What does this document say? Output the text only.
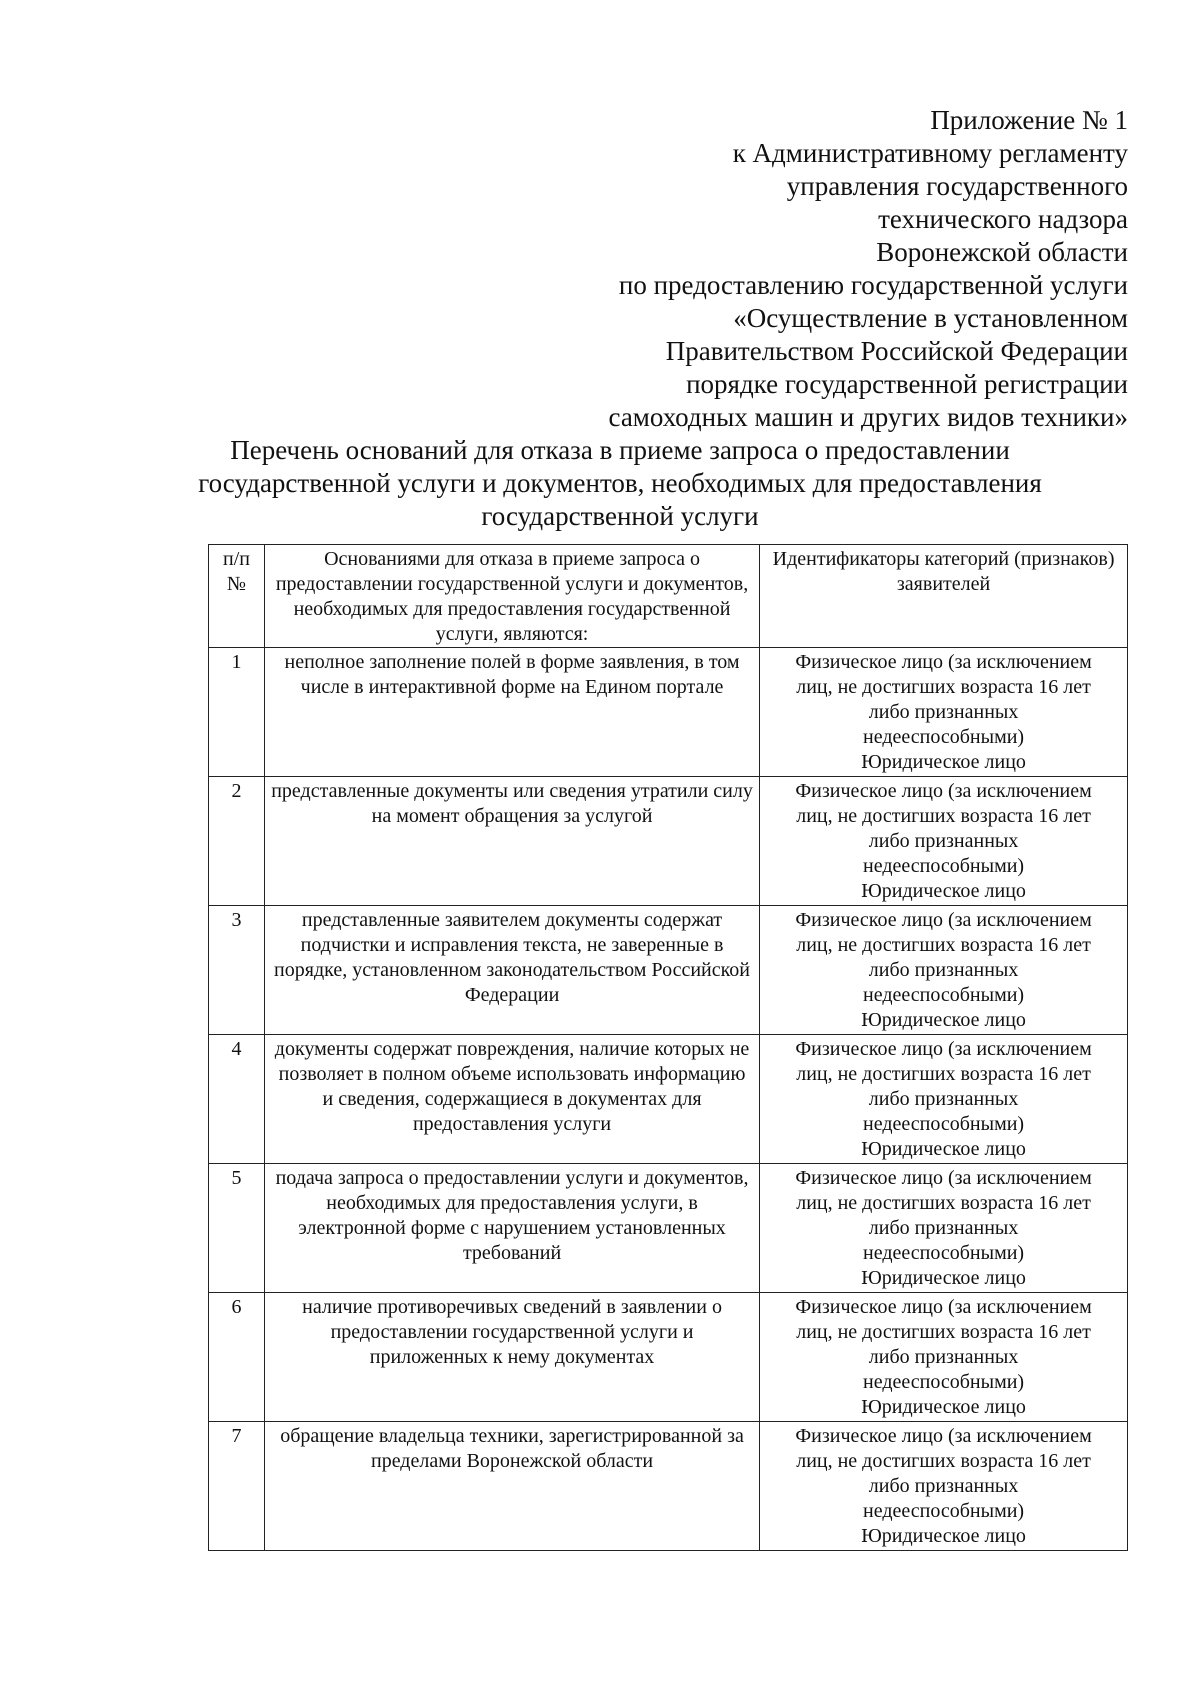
Приложение № 1
к Административному регламенту
управления государственного
технического надзора
Воронежской области
по предоставлению государственной услуги
«Осуществление в установленном
Правительством Российской Федерации
порядке государственной регистрации
самоходных машин и других видов техники»
Перечень оснований для отказа в приеме запроса о предоставлении
государственной услуги и документов, необходимых для предоставления
государственной услуги
п/п
№	Основаниями для отказа в приеме запроса о предоставлении государственной услуги и документов, необходимых для предоставления государственной услуги, являются:	Идентификаторы категорий (признаков) заявителей
1	неполное заполнение полей в форме заявления, в том числе в интерактивной форме на Едином портале	Физическое лицо (за исключением
лиц, не достигших возраста 16 лет
либо признанных
недееспособными)
Юридическое лицо

2	представленные документы или сведения утратили силу на момент обращения за услугой	Физическое лицо (за исключением
лиц, не достигших возраста 16 лет
либо признанных
недееспособными)
Юридическое лицо

3	представленные заявителем документы содержат подчистки и исправления текста, не заверенные в порядке, установленном законодательством Российской Федерации	Физическое лицо (за исключением
лиц, не достигших возраста 16 лет
либо признанных
недееспособными)
Юридическое лицо

4	документы содержат повреждения, наличие которых не позволяет в полном объеме использовать информацию и сведения, содержащиеся в документах для предоставления услуги	Физическое лицо (за исключением
лиц, не достигших возраста 16 лет
либо признанных
недееспособными)
Юридическое лицо

5	подача запроса о предоставлении услуги и документов, необходимых для предоставления услуги, в электронной форме с нарушением установленных требований	Физическое лицо (за исключением
лиц, не достигших возраста 16 лет
либо признанных
недееспособными)
Юридическое лицо

6	наличие противоречивых сведений в заявлении о предоставлении государственной услуги и приложенных к нему документах	Физическое лицо (за исключением
лиц, не достигших возраста 16 лет
либо признанных
недееспособными)
Юридическое лицо

7	обращение владельца техники, зарегистрированной за пределами Воронежской области	Физическое лицо (за исключением
лиц, не достигших возраста 16 лет
либо признанных
недееспособными)
Юридическое лицо
